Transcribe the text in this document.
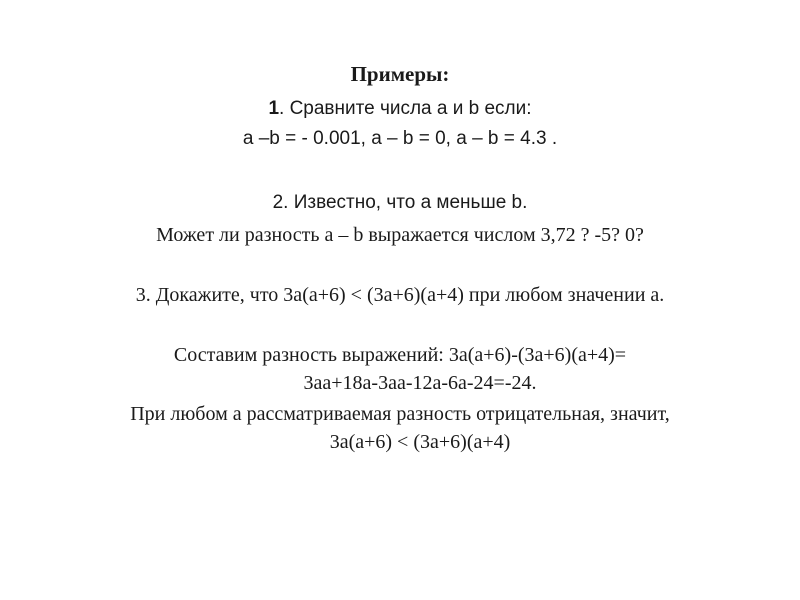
Примеры:
1. Сравните числа a и b если:
a –b = - 0.001, a – b = 0, a – b = 4.3 .
2. Известно, что а меньше b.
Может ли разность a – b выражается числом 3,72 ? -5? 0?
3. Докажите, что 3a(a+6) < (3a+6)(a+4) при любом значении a.
Составим разность выражений: 3a(a+6)-(3a+6)(a+4)=
3aa+18a-3aa-12a-6a-24=-24.
При любом а рассматриваемая разность отрицательная, значит,
3a(a+6) < (3a+6)(a+4)
